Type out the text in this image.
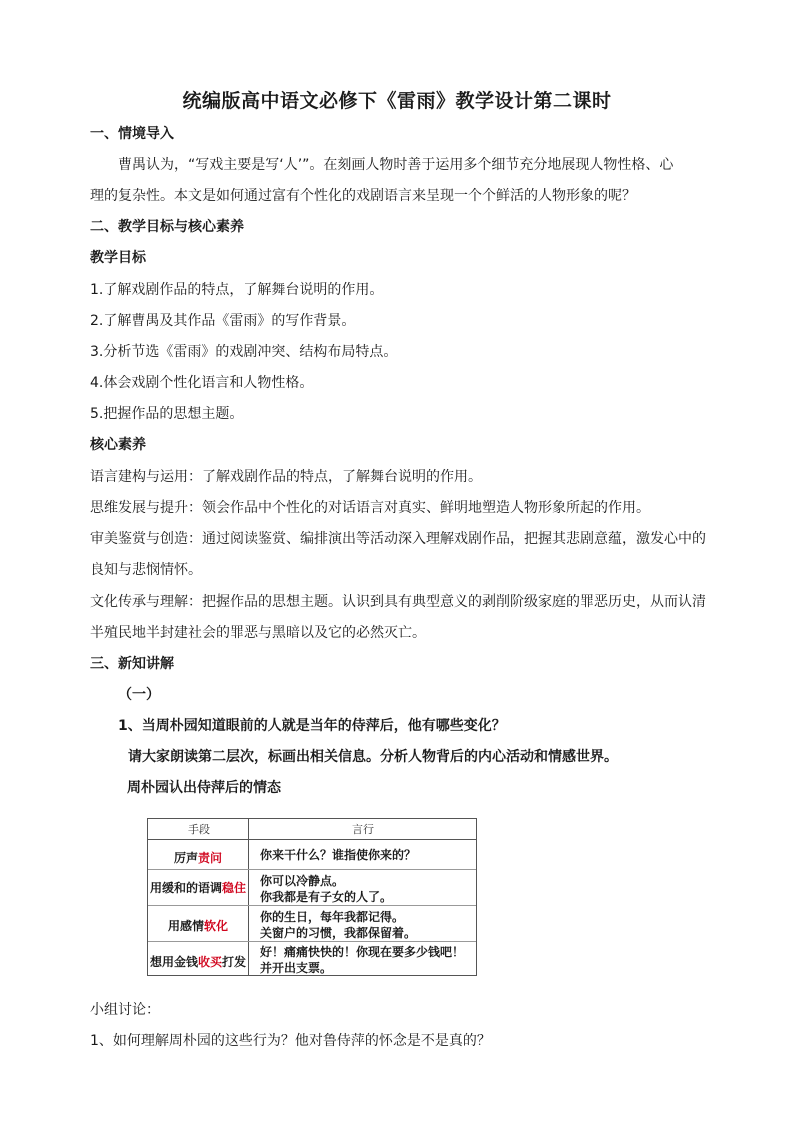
统编版高中语文必修下《雷雨》教学设计第二课时
一、情境导入
曹禺认为，“写戏主要是写‘人’”。在刻画人物时善于运用多个细节充分地展现人物性格、心
理的复杂性。本文是如何通过富有个性化的戏剧语言来呈现一个个鲜活的人物形象的呢？
二、教学目标与核心素养
教学目标
1.了解戏剧作品的特点，了解舞台说明的作用。
2.了解曹禺及其作品《雷雨》的写作背景。
3.分析节选《雷雨》的戏剧冲突、结构布局特点。
4.体会戏剧个性化语言和人物性格。
5.把握作品的思想主题。
核心素养
语言建构与运用：了解戏剧作品的特点，了解舞台说明的作用。
思维发展与提升：领会作品中个性化的对话语言对真实、鲜明地塑造人物形象所起的作用。
审美鉴赏与创造：通过阅读鉴赏、编排演出等活动深入理解戏剧作品，把握其悲剧意蕴，激发心中的
良知与悲悯情怀。
文化传承与理解：把握作品的思想主题。认识到具有典型意义的剥削阶级家庭的罪恶历史，从而认清
半殖民地半封建社会的罪恶与黑暗以及它的必然灭亡。
三、新知讲解
（一）
1、当周朴园知道眼前的人就是当年的侍萍后，他有哪些变化？
请大家朗读第二层次，标画出相关信息。分析人物背后的内心活动和情感世界。
周朴园认出侍萍后的情态
手段	言行
厉声责问	你来干什么？谁指使你来的？
用缓和的语调稳住 你可以冷静点。
你我都是有子女的人了。
用感情软化
你的生日，每年我都记得。
关窗户的习惯，我都保留着。
想用金钱收买打发
好！痛痛快快的！你现在要多少钱吧！
并开出支票。
小组讨论：
1、如何理解周朴园的这些行为？他对鲁侍萍的怀念是不是真的？
